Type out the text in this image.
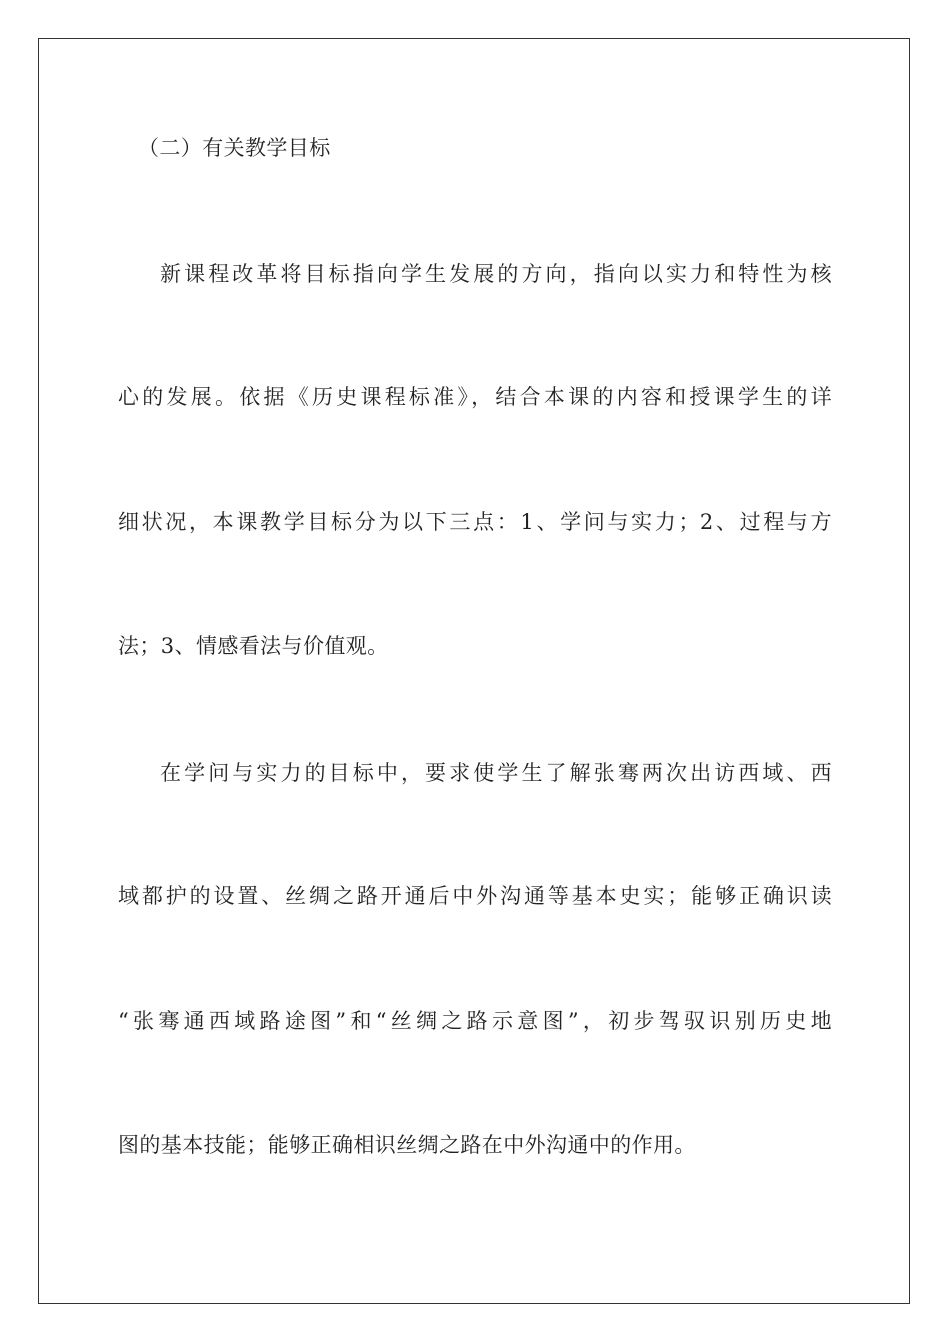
（二）有关教学目标
新课程改革将目标指向学生发展的方向，指向以实力和特性为核
心的发展。依据《历史课程标准》，结合本课的内容和授课学生的详
细状况，本课教学目标分为以下三点：1、学问与实力；2、过程与方
法；3、情感看法与价值观。
在学问与实力的目标中，要求使学生了解张骞两次出访西域、西
域都护的设置、丝绸之路开通后中外沟通等基本史实；能够正确识读
“张骞通西域路途图”和“丝绸之路示意图”，初步驾驭识别历史地
图的基本技能；能够正确相识丝绸之路在中外沟通中的作用。
